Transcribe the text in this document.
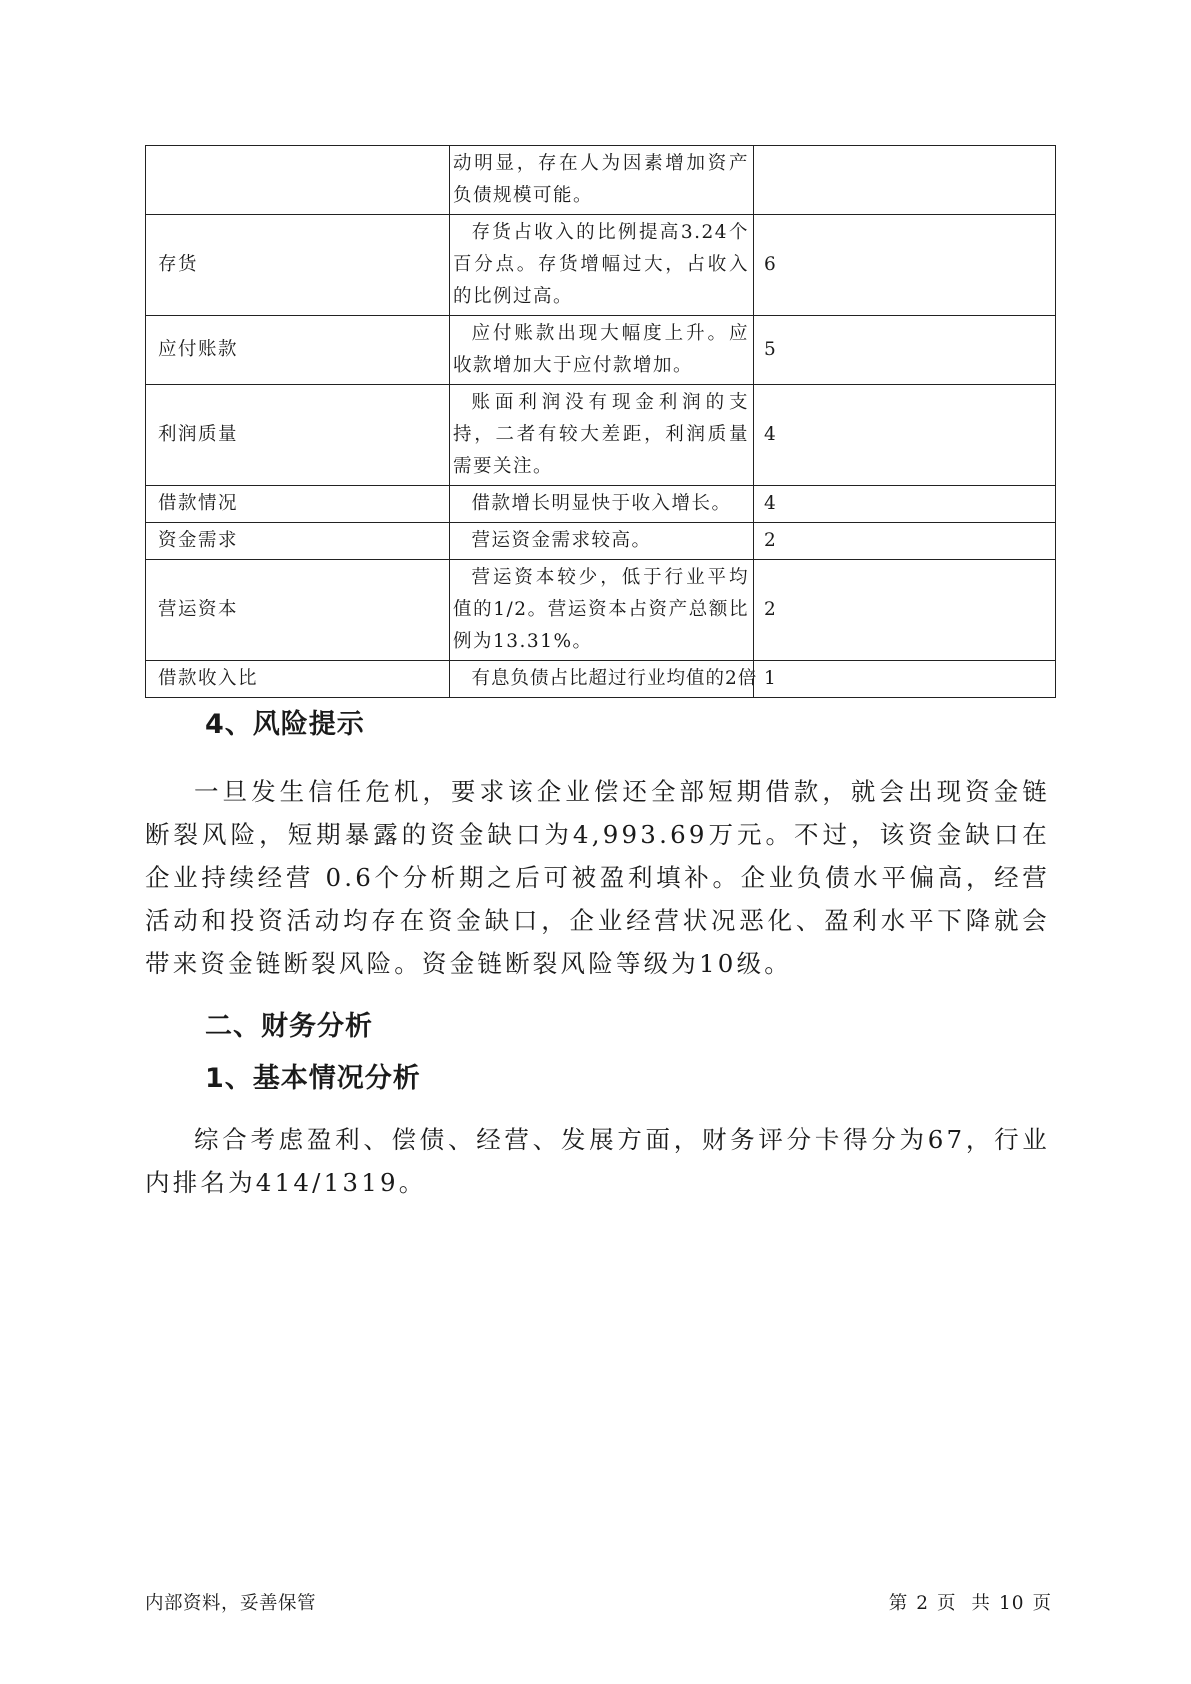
	动明显，存在人为因素增加资产负债规模可能。	
存货	存货占收入的比例提高3.24个百分点。存货增幅过大，占收入的比例过高。	6
应付账款	应付账款出现大幅度上升。应收款增加大于应付款增加。	5
利润质量	账面利润没有现金利润的支持，二者有较大差距，利润质量需要关注。	4
借款情况	借款增长明显快于收入增长。	4
资金需求	营运资金需求较高。	2
营运资本	营运资本较少，低于行业平均值的1/2。营运资本占资产总额比例为13.31%。	2
借款收入比	有息负债占比超过行业均值的2倍	1
4、风险提示

一旦发生信任危机，要求该企业偿还全部短期借款，就会出现资金链断裂风险，短期暴露的资金缺口为4,993.69万元。不过，该资金缺口在企业持续经营 0.6个分析期之后可被盈利填补。企业负债水平偏高，经营活动和投资活动均存在资金缺口，企业经营状况恶化、盈利水平下降就会带来资金链断裂风险。资金链断裂风险等级为10级。

二、财务分析
1、基本情况分析

综合考虑盈利、偿债、经营、发展方面，财务评分卡得分为67，行业内排名为414/1319。

内部资料，妥善保管	第 2 页 共 10 页
